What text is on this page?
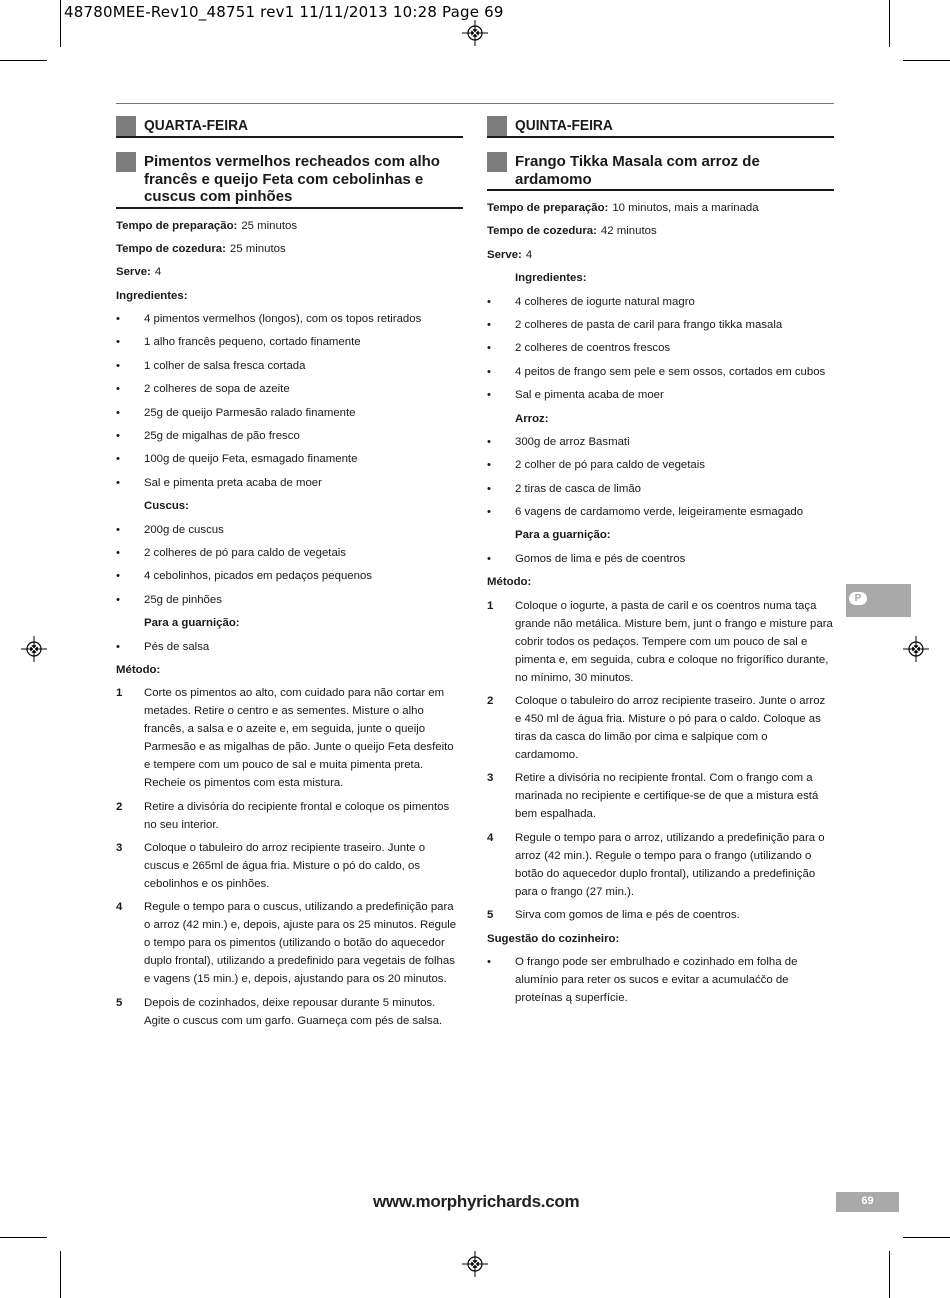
48780MEE-Rev10_48751 rev1 11/11/2013 10:28 Page 69
QUARTA-FEIRA
Pimentos vermelhos recheados com alho francês e queijo Feta com cebolinhas e cuscus com pinhões
Tempo de preparação: 25 minutos
Tempo de cozedura: 25 minutos
Serve: 4
Ingredientes:
•	4 pimentos vermelhos (longos), com os topos retirados
•	1 alho francês pequeno, cortado finamente
•	1 colher de salsa fresca cortada
•	2 colheres de sopa de azeite
•	25g de queijo Parmesão ralado finamente
•	25g de migalhas de pão fresco
•	100g de queijo Feta, esmagado finamente
•	Sal e pimenta preta acaba de moer
Cuscus:
•	200g de cuscus
•	2 colheres de pó para caldo de vegetais
•	4 cebolinhos, picados em pedaços pequenos
•	25g de pinhões
Para a guarnição:
•	Pés de salsa
Método:
1	Corte os pimentos ao alto, com cuidado para não cortar em metades. Retire o centro e as sementes. Misture o alho francês, a salsa e o azeite e, em seguida, junte o queijo Parmesão e as migalhas de pão. Junte o queijo Feta desfeito e tempere com um pouco de sal e muita pimenta preta. Recheie os pimentos com esta mistura.
2	Retire a divisória do recipiente frontal e coloque os pimentos no seu interior.
3	Coloque o tabuleiro do arroz recipiente traseiro. Junte o cuscus e 265ml de água fria. Misture o pó do caldo, os cebolinhos e os pinhões.
4	Regule o tempo para o cuscus, utilizando a predefinição para o arroz (42 min.) e, depois, ajuste para os 25 minutos. Regule o tempo para os pimentos (utilizando o botão do aquecedor duplo frontal), utilizando a predefinido para vegetais de folhas e vagens (15 min.) e, depois, ajustando para os 20 minutos.
5	Depois de cozinhados, deixe repousar durante 5 minutos. Agite o cuscus com um garfo. Guarneça com pés de salsa.
QUINTA-FEIRA
Frango Tikka Masala com arroz de ardamomo
Tempo de preparação: 10 minutos, mais a marinada
Tempo de cozedura: 42 minutos
Serve: 4
Ingredientes:
•	4 colheres de iogurte natural magro
•	2 colheres de pasta de caril para frango tikka masala
•	2 colheres de coentros frescos
•	4 peitos de frango sem pele e sem ossos, cortados em cubos
•	Sal e pimenta acaba de moer
Arroz:
•	300g de arroz Basmati
•	2 colher de pó para caldo de vegetais
•	2 tiras de casca de limão
•	6 vagens de cardamomo verde, leigeiramente esmagado
Para a guarnição:
•	Gomos de lima e pés de coentros
Método:
1	Coloque o iogurte, a pasta de caril e os coentros numa taça grande não metálica. Misture bem, junt o frango e misture para cobrir todos os pedaços. Tempere com um pouco de sal e pimenta e, em seguida, cubra e coloque no frigorífico durante, no mínimo, 30 minutos.
2	Coloque o tabuleiro do arroz recipiente traseiro. Junte o arroz e 450 ml de água fria. Misture o pó para o caldo. Coloque as tiras da casca do limão por cima e salpique com o cardamomo.
3	Retire a divisória no recipiente frontal. Com o frango com a marinada no recipiente e certifique-se de que a mistura está bem espalhada.
4	Regule o tempo para o arroz, utilizando a predefinição para o arroz (42 min.). Regule o tempo para o frango (utilizando o botão do aquecedor duplo frontal), utilizando a predefinição para o frango (27 min.).
5	Sirva com gomos de lima e pés de coentros.
Sugestão do cozinheiro:
•	O frango pode ser embrulhado e cozinhado em folha de alumínio para reter os sucos e evitar a acumulaćčo de proteínas ą superfície.
P
www.morphyrichards.com	69
